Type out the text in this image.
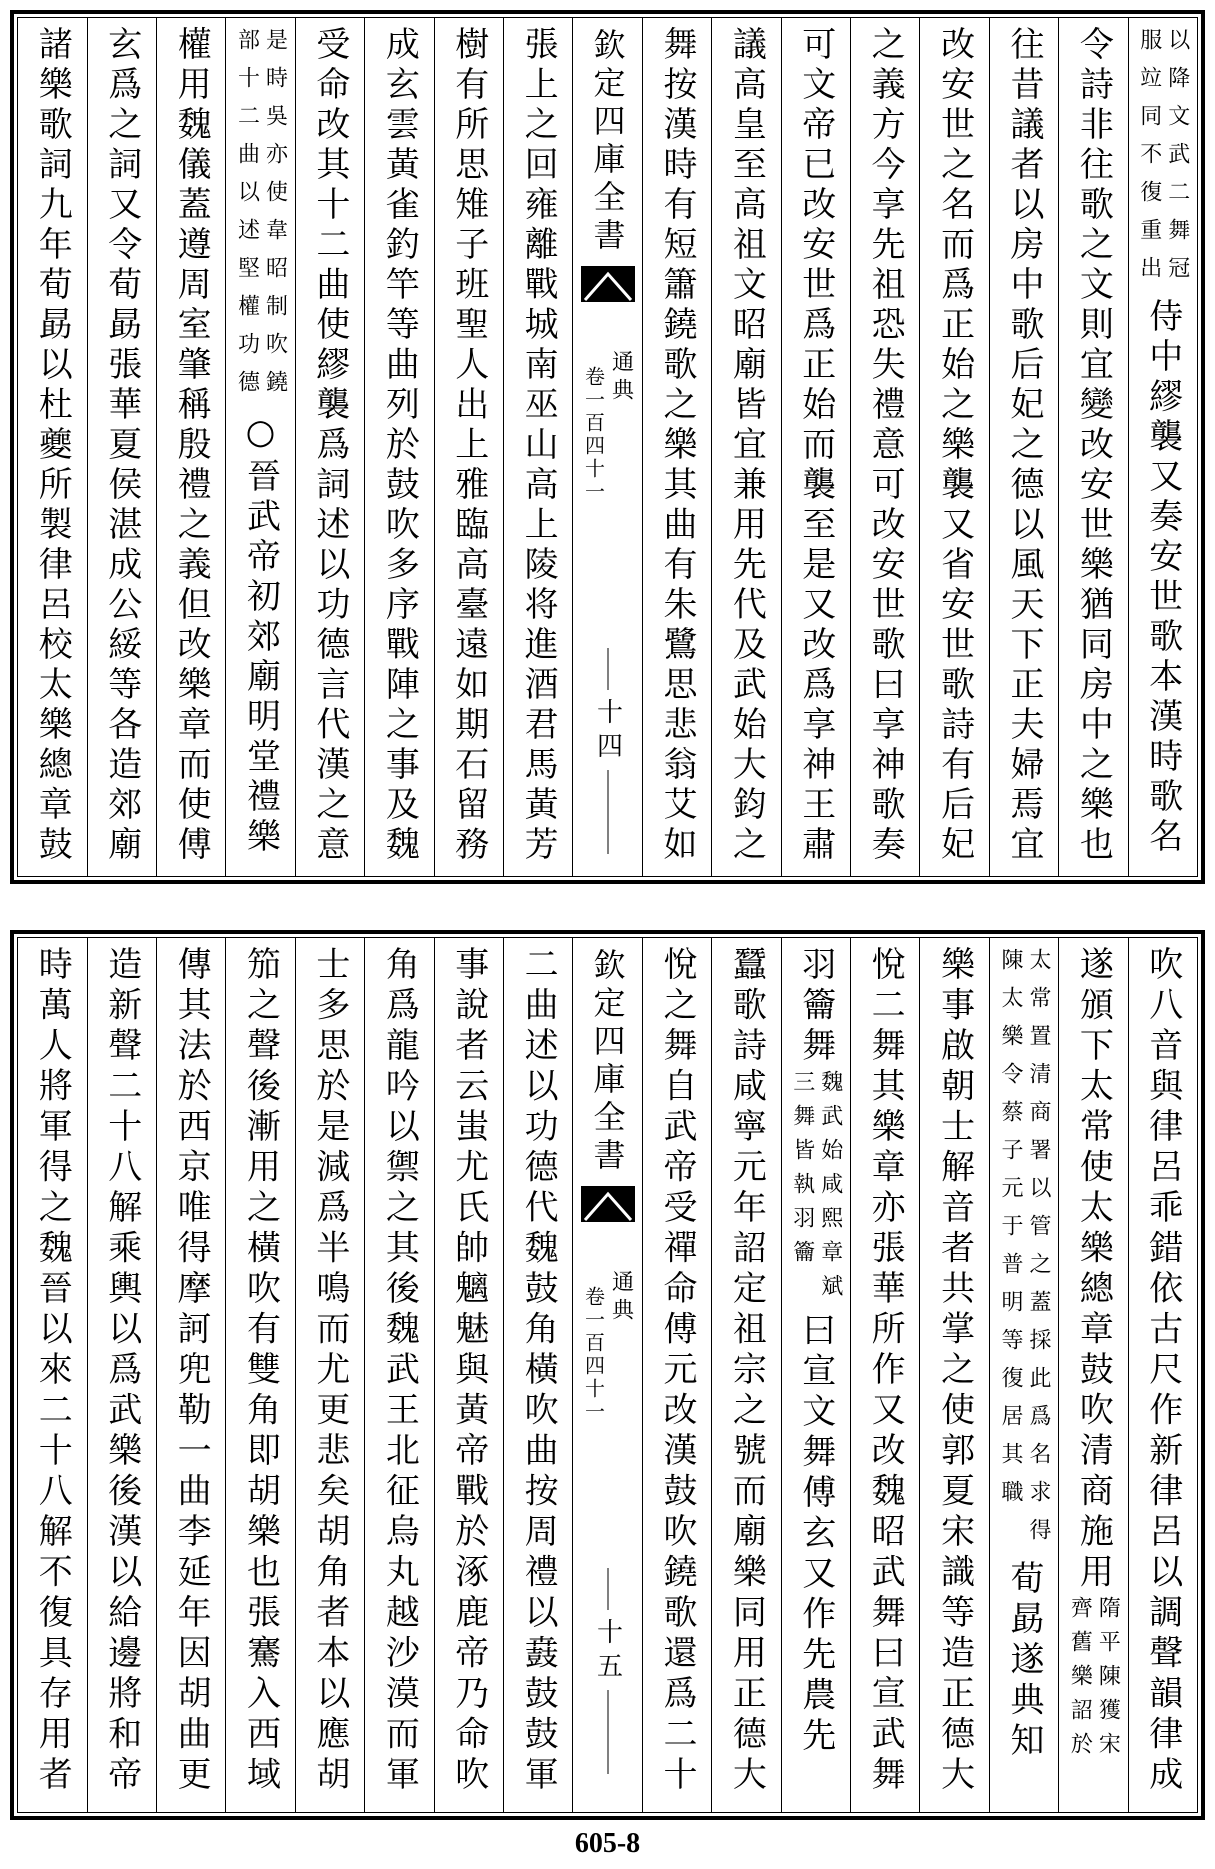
以降文武二舞冠
服竝同不復重出
侍中繆襲又奏安世歌本漢時歌名
令詩非往歌之文則宜變改安世樂猶同房中之樂也
往昔議者以房中歌后妃之德以風天下正夫婦焉宜
改安世之名而爲正始之樂襲又省安世歌詩有后妃
之義方今享先祖恐失禮意可改安世歌曰享神歌奏
可文帝已改安世爲正始而襲至是又改爲享神王肅
議高皇至高祖文昭廟皆宜兼用先代及武始大鈞之
舞按漢時有短簫鐃歌之樂其曲有朱鷺思悲翁艾如
欽定四庫全書
通典
卷一百四十一
十四
張上之回雍離戰城南巫山高上陵将進酒君馬黃芳
樹有所思雉子班聖人出上雅臨高臺遠如期石留務
成玄雲黃雀釣竿等曲列於鼓吹多序戰陣之事及魏
受命改其十二曲使繆襲爲詞述以功德言代漢之意
是時吳亦使韋昭制吹鐃
部十二曲以述堅權功德
○晉武帝初郊廟明堂禮樂
權用魏儀蓋遵周室肇稱殷禮之義但改樂章而使傅
玄爲之詞又令荀勗張華夏侯湛成公綏等各造郊廟
諸樂歌詞九年荀勗以杜夔所製律呂校太樂總章鼓
吹八音與律呂乖錯依古尺作新律呂以調聲韻律成
遂頒下太常使太樂總章鼓吹清商施用
隋平陳獲宋
齊舊樂詔於
太常置清商署以管之蓋採此爲名求得
陳太樂令蔡子元于普明等復居其職
荀勗遂典知
樂事啟朝士解音者共掌之使郭夏宋識等造正德大
悅二舞其樂章亦張華所作又改魏昭武舞曰宣武舞
羽籥舞
魏武始咸熙章斌
三舞皆執羽籥
曰宣文舞傅玄又作先農先
蠶歌詩咸寧元年詔定祖宗之號而廟樂同用正德大
悅之舞自武帝受禪命傅元改漢鼓吹鐃歌還爲二十
欽定四庫全書
通典
卷一百四十一
十五
二曲述以功德代魏鼓角橫吹曲按周禮以鼖鼓鼓軍
事說者云蚩尤氏帥魑魅與黃帝戰於涿鹿帝乃命吹
角爲龍吟以禦之其後魏武王北征烏丸越沙漠而軍
士多思於是減爲半鳴而尤更悲矣胡角者本以應胡
笳之聲後漸用之橫吹有雙角即胡樂也張騫入西域
傳其法於西京唯得摩訶兜勒一曲李延年因胡曲更
造新聲二十八解乘輿以爲武樂後漢以給邊將和帝
時萬人將軍得之魏晉以來二十八解不復具存用者
605-8
